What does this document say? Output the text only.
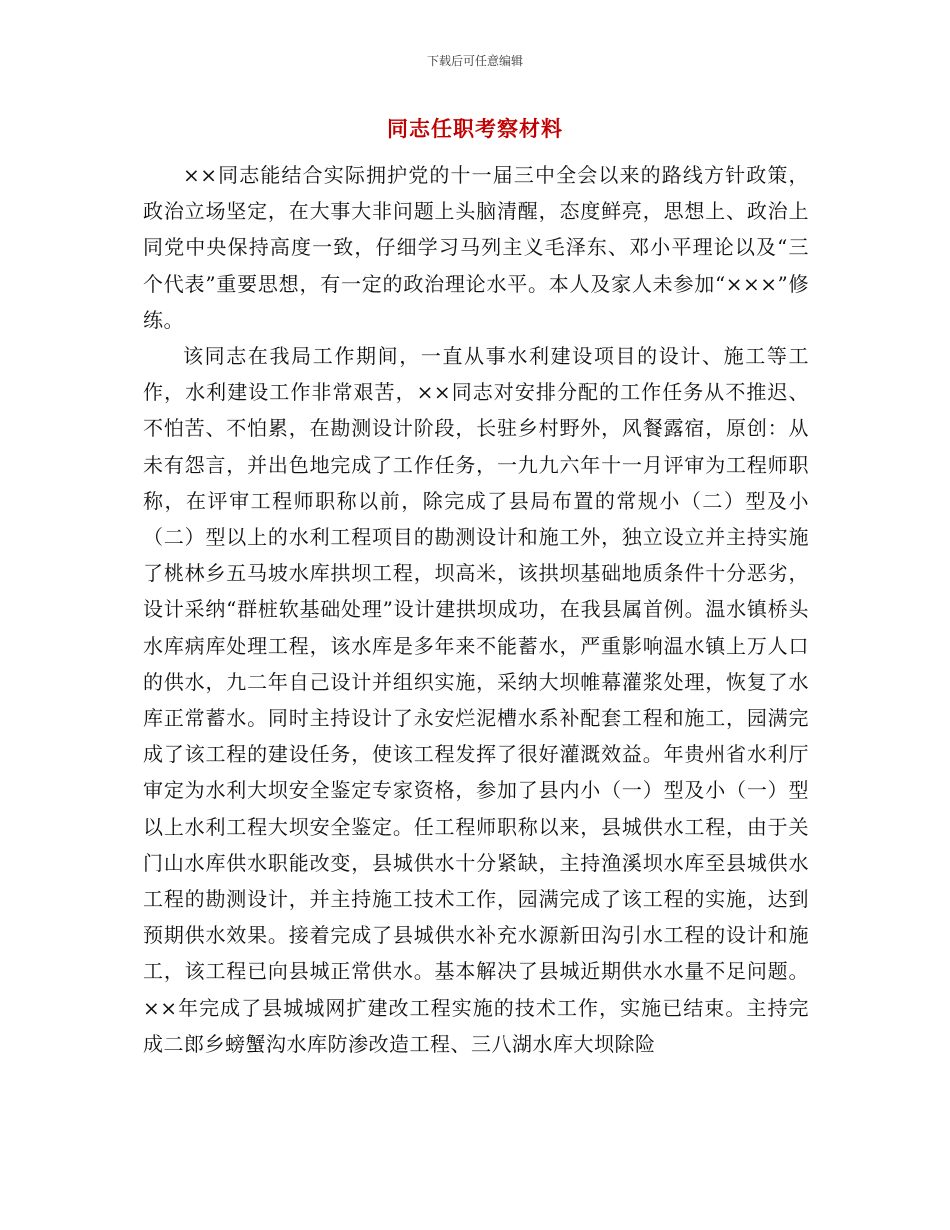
下载后可任意编辑
同志任职考察材料

××同志能结合实际拥护党的十一届三中全会以来的路线方针政策，政治立场坚定，在大事大非问题上头脑清醒，态度鲜亮，思想上、政治上同党中央保持高度一致，仔细学习马列主义毛泽东、邓小平理论以及“三个代表”重要思想，有一定的政治理论水平。本人及家人未参加“×××”修练。

该同志在我局工作期间，一直从事水利建设项目的设计、施工等工作，水利建设工作非常艰苦，××同志对安排分配的工作任务从不推迟、不怕苦、不怕累，在勘测设计阶段，长驻乡村野外，风餐露宿，原创：从未有怨言，并出色地完成了工作任务，一九九六年十一月评审为工程师职称，在评审工程师职称以前，除完成了县局布置的常规小（二）型及小（二）型以上的水利工程项目的勘测设计和施工外，独立设立并主持实施了桃林乡五马坡水库拱坝工程，坝高米，该拱坝基础地质条件十分恶劣，设计采纳“群桩软基础处理”设计建拱坝成功，在我县属首例。温水镇桥头水库病库处理工程，该水库是多年来不能蓄水，严重影响温水镇上万人口的供水，九二年自己设计并组织实施，采纳大坝帷幕灌浆处理，恢复了水库正常蓄水。同时主持设计了永安烂泥槽水系补配套工程和施工，园满完成了该工程的建设任务，使该工程发挥了很好灌溉效益。年贵州省水利厅审定为水利大坝安全鉴定专家资格，参加了县内小（一）型及小（一）型以上水利工程大坝安全鉴定。任工程师职称以来，县城供水工程，由于关门山水库供水职能改变，县城供水十分紧缺，主持渔溪坝水库至县城供水工程的勘测设计，并主持施工技术工作，园满完成了该工程的实施，达到预期供水效果。接着完成了县城供水补充水源新田沟引水工程的设计和施工，该工程已向县城正常供水。基本解决了县城近期供水水量不足问题。××年完成了县城城网扩建改工程实施的技术工作，实施已结束。主持完成二郎乡螃蟹沟水库防渗改造工程、三八湖水库大坝除险
